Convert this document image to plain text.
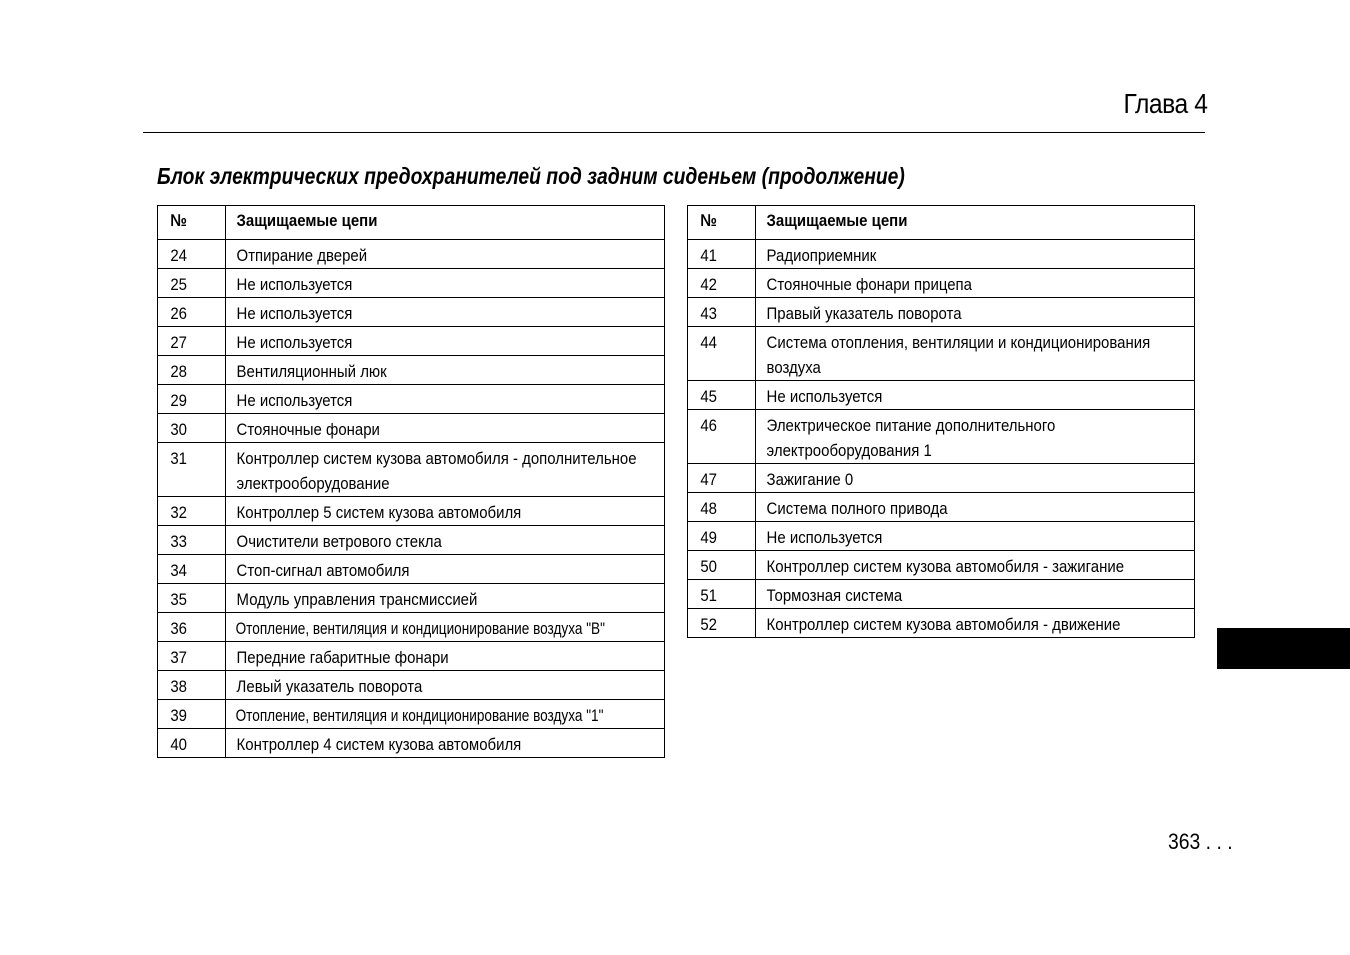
Глава 4
Блок электрических предохранителей под задним сиденьем (продолжение)
№	Защищаемые цепи

24	Отпирание дверей

25	Не используется

26	Не используется

27	Не используется

28	Вентиляционный люк

29	Не используется

30	Стояночные фонари

31	Контроллер систем кузова автомобиля - дополнительное электрооборудование

32	Контроллер 5 систем кузова автомобиля

33	Очистители ветрового стекла

34	Стоп-сигнал автомобиля

35	Модуль управления трансмиссией

36	Отопление, вентиляция и кондиционирование воздуха "B"

37	Передние габаритные фонари

38	Левый указатель поворота

39	Отопление, вентиляция и кондиционирование воздуха "1"

40	Контроллер 4 систем кузова автомобиля
№	Защищаемые цепи

41	Радиоприемник

42	Стояночные фонари прицепа

43	Правый указатель поворота

44	Система отопления, вентиляции и кондиционирования воздуха

45	Не используется

46	Электрическое питание дополнительного электрооборудования 1

47	Зажигание 0

48	Система полного привода

49	Не используется

50	Контроллер систем кузова автомобиля - зажигание

51	Тормозная система

52	Контроллер систем кузова автомобиля - движение
363 . . .
